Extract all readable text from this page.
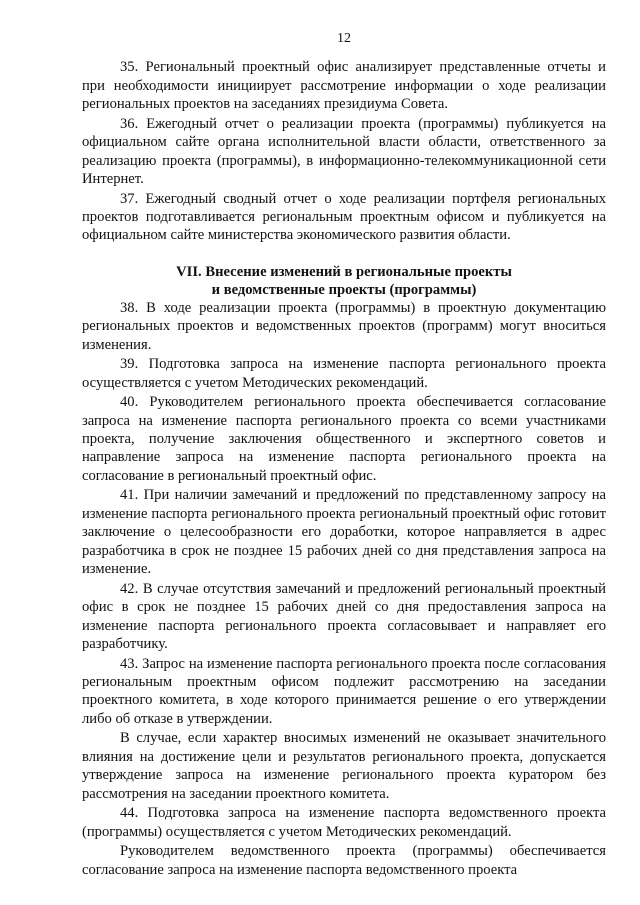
12

35. Региональный проектный офис анализирует представленные отчеты и при необходимости инициирует рассмотрение информации о ходе реализации региональных проектов на заседаниях президиума Совета.

36. Ежегодный отчет о реализации проекта (программы) публикуется на официальном сайте органа исполнительной власти области, ответственного за реализацию проекта (программы), в информационно-телекоммуникационной сети Интернет.

37. Ежегодный сводный отчет о ходе реализации портфеля региональных проектов подготавливается региональным проектным офисом и публикуется на официальном сайте министерства экономического развития области.

VII. Внесение изменений в региональные проекты
и ведомственные проекты (программы)

38. В ходе реализации проекта (программы) в проектную документацию региональных проектов и ведомственных проектов (программ) могут вноситься изменения.

39. Подготовка запроса на изменение паспорта регионального проекта осуществляется с учетом Методических рекомендаций.

40. Руководителем регионального проекта обеспечивается согласование запроса на изменение паспорта регионального проекта со всеми участниками проекта, получение заключения общественного и экспертного советов и направление запроса на изменение паспорта регионального проекта на согласование в региональный проектный офис.

41. При наличии замечаний и предложений по представленному запросу на изменение паспорта регионального проекта региональный проектный офис готовит заключение о целесообразности его доработки, которое направляется в адрес разработчика в срок не позднее 15 рабочих дней со дня представления запроса на изменение.

42. В случае отсутствия замечаний и предложений региональный проектный офис в срок не позднее 15 рабочих дней со дня предоставления запроса на изменение паспорта регионального проекта согласовывает и направляет его разработчику.

43. Запрос на изменение паспорта регионального проекта после согласования региональным проектным офисом подлежит рассмотрению на заседании проектного комитета, в ходе которого принимается решение о его утверждении либо об отказе в утверждении.

В случае, если характер вносимых изменений не оказывает значительного влияния на достижение цели и результатов регионального проекта, допускается утверждение запроса на изменение регионального проекта куратором без рассмотрения на заседании проектного комитета.

44. Подготовка запроса на изменение паспорта ведомственного проекта (программы) осуществляется с учетом Методических рекомендаций.

Руководителем ведомственного проекта (программы) обеспечивается согласование запроса на изменение паспорта ведомственного проекта
